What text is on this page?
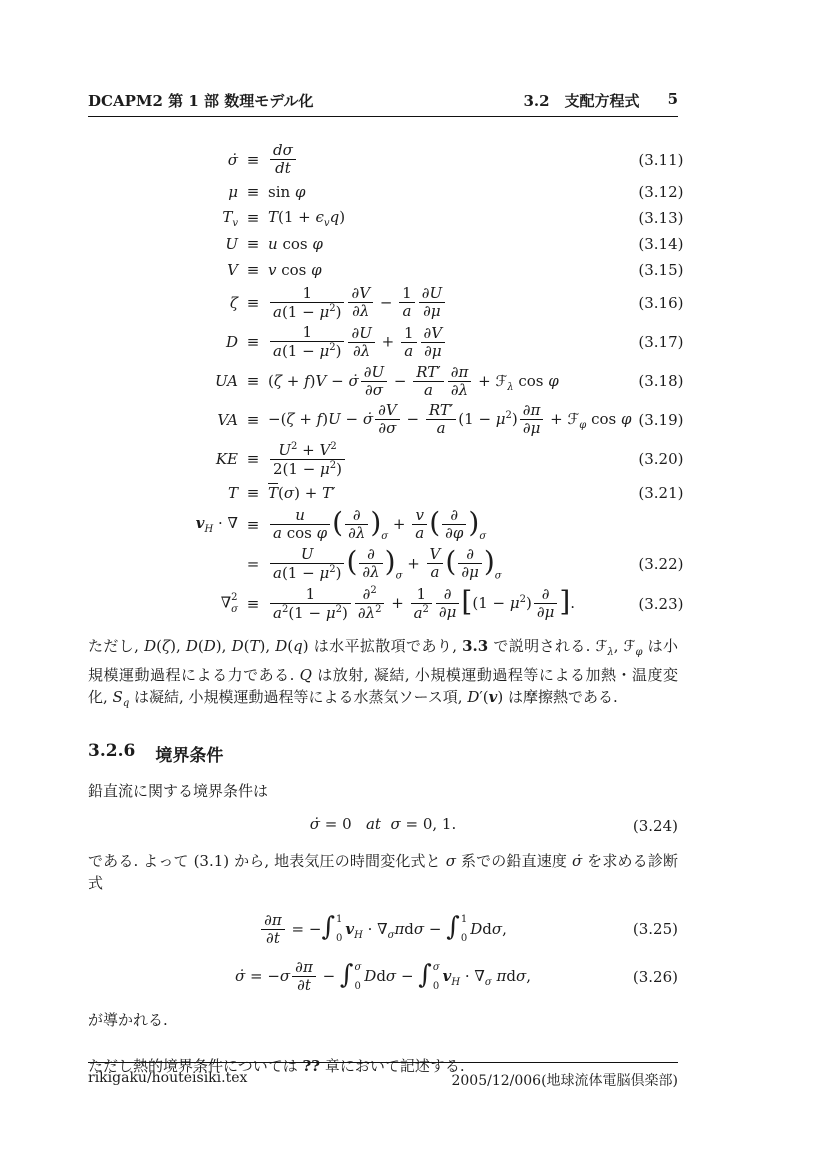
DCAPM2 第 1 部 数理モデル化	3.2　支配方程式 5
σ̇ ≡ $\frac{d\sigma}{dt}$	(3.11)
μ ≡ sin φ	(3.12)
$T_v \equiv T(1 + \epsilon_vq)$	(3.13)
U ≡ u cos φ	(3.14)
V ≡ v cos φ	(3.15)
$\zeta \equiv \frac{1}{a(1 - \mu^2)} \frac{\partial V}{\partial\lambda} - \frac{1}{a} \frac{\partial U}{\partial\mu}$	(3.16)
$D \equiv \frac{1}{a(1 - \mu^2)} \frac{\partial U}{\partial\lambda} + \frac{1}{a} \frac{\partial V}{\partial\mu}$	(3.17)
UA ≡ (ζ + f)V − σ̇ $\frac{\partial U}{\partial\sigma} - \frac{RT'}{a} \frac{\partial\pi}{\partial\lambda}$ + ℱ$_\lambda$ cos φ	(3.18)
VA ≡ −(ζ + f)U − σ̇ $\frac{\partial V}{\partial\sigma} - \frac{RT'}{a} (1 - \mu^2) \frac{\partial\pi}{\partial\mu}$ + ℱ$_\varphi$ cos φ (3.19)
KE ≡ $\frac{U^2 + V^2}{2(1 - \mu^2)}$	(3.20)
$T \equiv \overline{T}(\sigma) + T'$	(3.21)
$v_H$ · ∇ ≡ $\frac{u}{\text{a cos φ}}$ ( ∂
∂λ )$_\sigma + \frac{v}{a}$ ( ∂
∂φ )$_\sigma$
= $\frac{U}{a(1 - \mu^2)}$ ( ∂
∂λ )$_\sigma + \frac{V}{a}$ ( ∂
∂μ )$_\sigma$
(3.22)
∇ 2
$\sigma \equiv \frac{1}{a^2(1 - \mu^2)} \frac{\partial^2}{\partial\lambda^2} + \frac{1}{a^2}$ ∂
∂μ [$(1 - \mu^2)$ ∂
∂μ ].	(3.23)

ただし, D(ζ), D(D), D(T), D(q) は水平拡散項であり, 3.3 で説明される. ℱ$_\lambda$, ℱ$_\varphi$ は小規模運動過程による力である. Q は放射, 凝結, 小規模運動過程等による加熱・温度変化, $S_q$ は凝結, 小規模運動過程等による水蒸気ソース項, D′(v) は摩擦熱である.

3.2.6 境界条件

鉛直流に関する境界条件は

σ̇ = 0   at σ = 0, 1.	(3.24)

である. よって (3.1) から, 地表気圧の時間変化式と σ 系での鉛直速度 σ̇ を求める診断式

$\frac{\partial\pi}{\partial t}$ = −∫ 1
0
$v_H \cdot \nabla_\sigma\pi d\sigma$ − ∫ 1
0
Ddσ,	(3.25)
σ̇ = $-\sigma \frac{\partial\pi}{\partial t}$ − ∫ σ
0
Ddσ − ∫ σ
0
$v_H \cdot \nabla_\sigma$ πdσ,	(3.26)

が導かれる.

ただし熱的境界条件については ?? 章において記述する.

rikigaku/houteisiki.tex	2005/12/006(地球流体電脳倶楽部)
